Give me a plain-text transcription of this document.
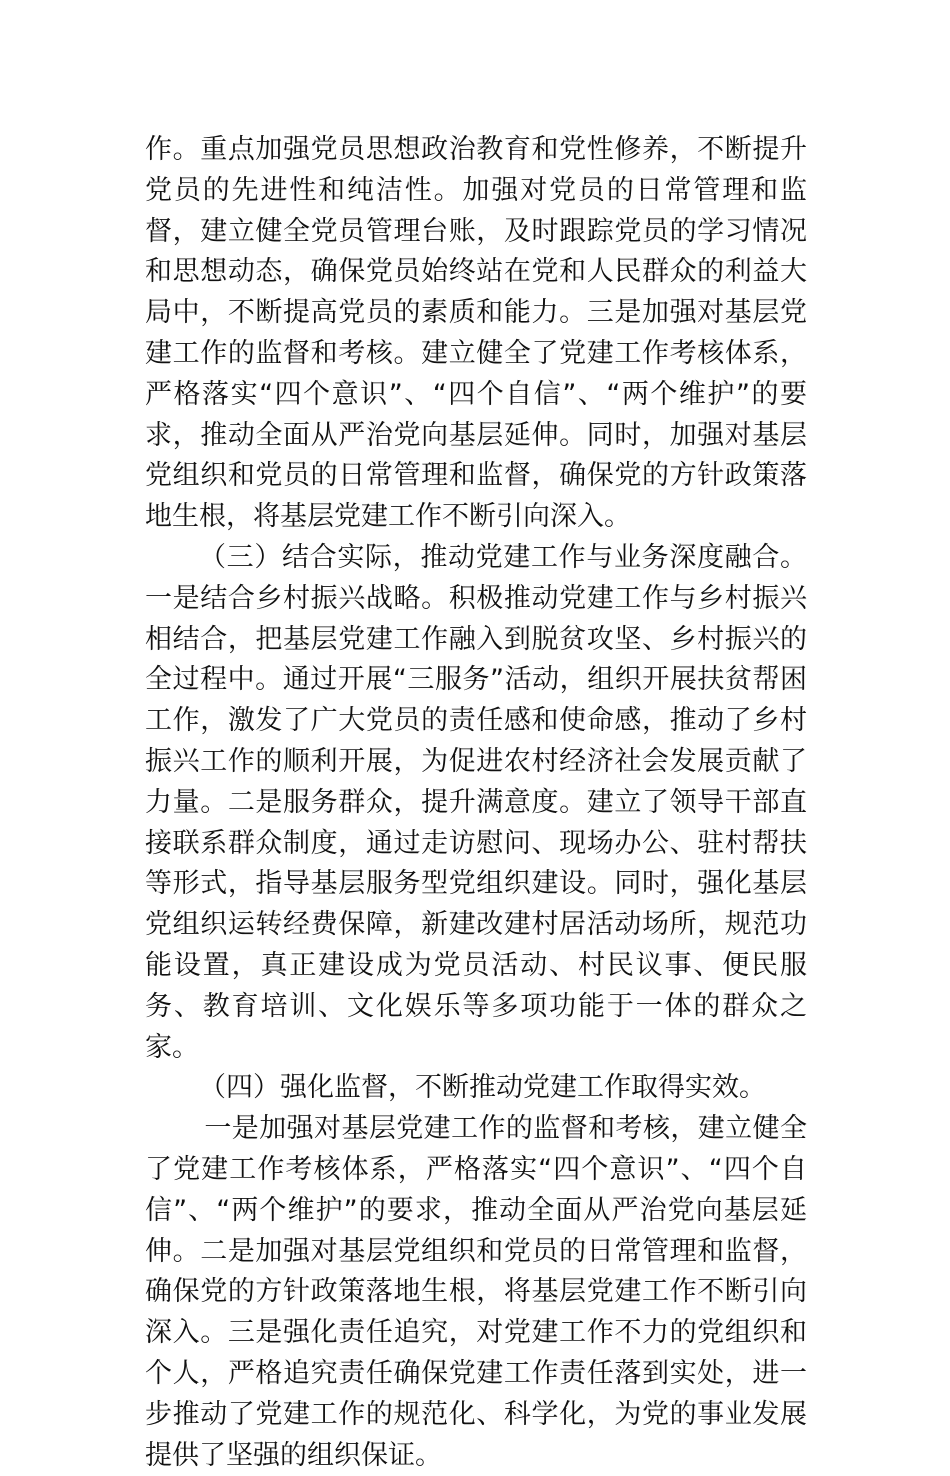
作。重点加强党员思想政治教育和党性修养，不断提升党员的先进性和纯洁性。加强对党员的日常管理和监督，建立健全党员管理台账，及时跟踪党员的学习情况和思想动态，确保党员始终站在党和人民群众的利益大局中，不断提高党员的素质和能力。三是加强对基层党建工作的监督和考核。建立健全了党建工作考核体系，严格落实“四个意识”、“四个自信”、“两个维护”的要求，推动全面从严治党向基层延伸。同时，加强对基层党组织和党员的日常管理和监督，确保党的方针政策落地生根，将基层党建工作不断引向深入。

（三）结合实际，推动党建工作与业务深度融合。一是结合乡村振兴战略。积极推动党建工作与乡村振兴相结合，把基层党建工作融入到脱贫攻坚、乡村振兴的全过程中。通过开展“三服务”活动，组织开展扶贫帮困工作，激发了广大党员的责任感和使命感，推动了乡村振兴工作的顺利开展，为促进农村经济社会发展贡献了力量。二是服务群众，提升满意度。建立了领导干部直接联系群众制度，通过走访慰问、现场办公、驻村帮扶等形式，指导基层服务型党组织建设。同时，强化基层党组织运转经费保障，新建改建村居活动场所，规范功能设置，真正建设成为党员活动、村民议事、便民服务、教育培训、文化娱乐等多项功能于一体的群众之家。

（四）强化监督，不断推动党建工作取得实效。

一是加强对基层党建工作的监督和考核，建立健全了党建工作考核体系，严格落实“四个意识”、“四个自信”、“两个维护”的要求，推动全面从严治党向基层延伸。二是加强对基层党组织和党员的日常管理和监督，确保党的方针政策落地生根，将基层党建工作不断引向深入。三是强化责任追究，对党建工作不力的党组织和个人，严格追究责任确保党建工作责任落到实处，进一步推动了党建工作的规范化、科学化，为党的事业发展提供了坚强的组织保证。
